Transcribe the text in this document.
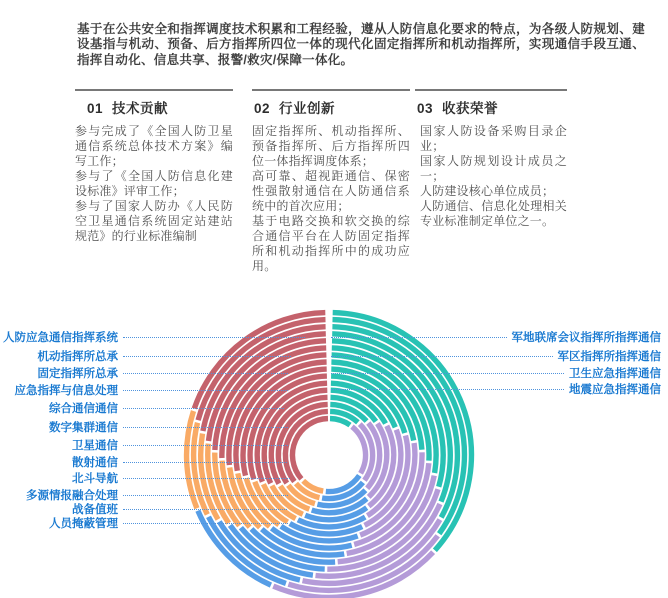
基于在公共安全和指挥调度技术积累和工程经验，遵从人防信息化要求的特点，为各级人防规划、建设基指与机动、预备、后方指挥所四位一体的现代化固定指挥所和机动指挥所，实现通信手段互通、指挥自动化、信息共享、报警/救灾/保障一体化。

01 技术贡献
参与完成了《全国人防卫星通信系统总体技术方案》编写工作；
参与了《全国人防信息化建设标准》评审工作；
参与了国家人防办《人民防空卫星通信系统固定站建站规范》的行业标准编制
02 行业创新
固定指挥所、机动指挥所、预备指挥所、后方指挥所四位一体指挥调度体系；
高可靠、超视距通信、保密性强散射通信在人防通信系统中的首次应用；
基于电路交换和软交换的综合通信平台在人防固定指挥所和机动指挥所中的成功应用。
03 收获荣誉
国家人防设备采购目录企业；
国家人防规划设计成员之一；
人防建设核心单位成员；
人防通信、信息化处理相关专业标准制定单位之一。
人防应急通信指挥系统
机动指挥所总承
固定指挥所总承
应急指挥与信息处理
综合通信通信
数字集群通信
卫星通信
散射通信
北斗导航
多源情报融合处理
战备值班
人员掩蔽管理
军地联席会议指挥所指挥通信
军区指挥所指挥通信
卫生应急指挥通信
地震应急指挥通信
